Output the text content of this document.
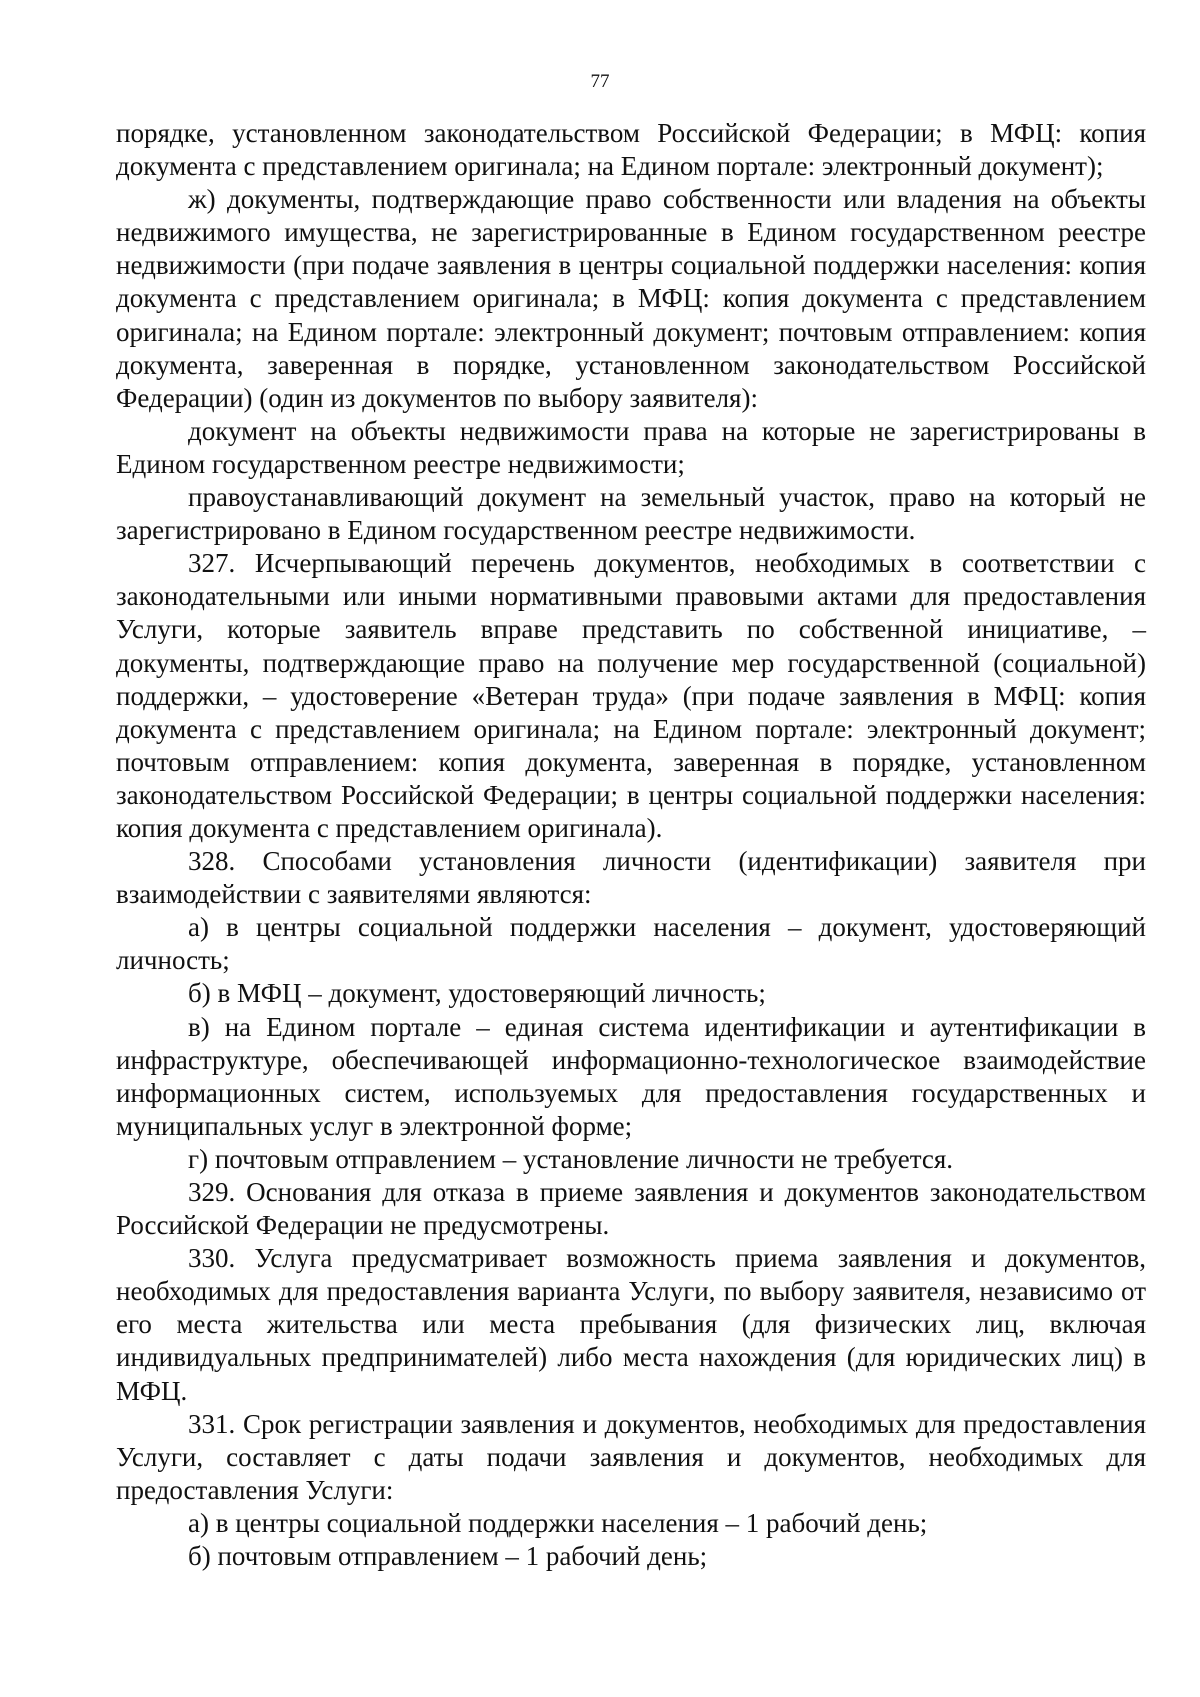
77

порядке, установленном законодательством Российской Федерации; в МФЦ: копия документа с представлением оригинала; на Едином портале: электронный документ);

ж) документы, подтверждающие право собственности или владения на объекты недвижимого имущества, не зарегистрированные в Едином государственном реестре недвижимости (при подаче заявления в центры социальной поддержки населения: копия документа с представлением оригинала; в МФЦ: копия документа с представлением оригинала; на Едином портале: электронный документ; почтовым отправлением: копия документа, заверенная в порядке, установленном законодательством Российской Федерации) (один из документов по выбору заявителя):

документ на объекты недвижимости права на которые не зарегистрированы в Едином государственном реестре недвижимости;

правоустанавливающий документ на земельный участок, право на который не зарегистрировано в Едином государственном реестре недвижимости.

327. Исчерпывающий перечень документов, необходимых в соответствии с законодательными или иными нормативными правовыми актами для предоставления Услуги, которые заявитель вправе представить по собственной инициативе, – документы, подтверждающие право на получение мер государственной (социальной) поддержки, – удостоверение «Ветеран труда» (при подаче заявления в МФЦ: копия документа с представлением оригинала; на Едином портале: электронный документ; почтовым отправлением: копия документа, заверенная в порядке, установленном законодательством Российской Федерации; в центры социальной поддержки населения: копия документа с представлением оригинала).

328. Способами установления личности (идентификации) заявителя при взаимодействии с заявителями являются:

а) в центры социальной поддержки населения – документ, удостоверяющий личность;

б) в МФЦ – документ, удостоверяющий личность;

в) на Едином портале – единая система идентификации и аутентификации в инфраструктуре, обеспечивающей информационно-технологическое взаимодействие информационных систем, используемых для предоставления государственных и муниципальных услуг в электронной форме;

г) почтовым отправлением – установление личности не требуется.

329. Основания для отказа в приеме заявления и документов законодательством Российской Федерации не предусмотрены.

330. Услуга предусматривает возможность приема заявления и документов, необходимых для предоставления варианта Услуги, по выбору заявителя, независимо от его места жительства или места пребывания (для физических лиц, включая индивидуальных предпринимателей) либо места нахождения (для юридических лиц) в МФЦ.

331. Срок регистрации заявления и документов, необходимых для предоставления Услуги, составляет с даты подачи заявления и документов, необходимых для предоставления Услуги:

а) в центры социальной поддержки населения – 1 рабочий день;

б) почтовым отправлением – 1 рабочий день;
